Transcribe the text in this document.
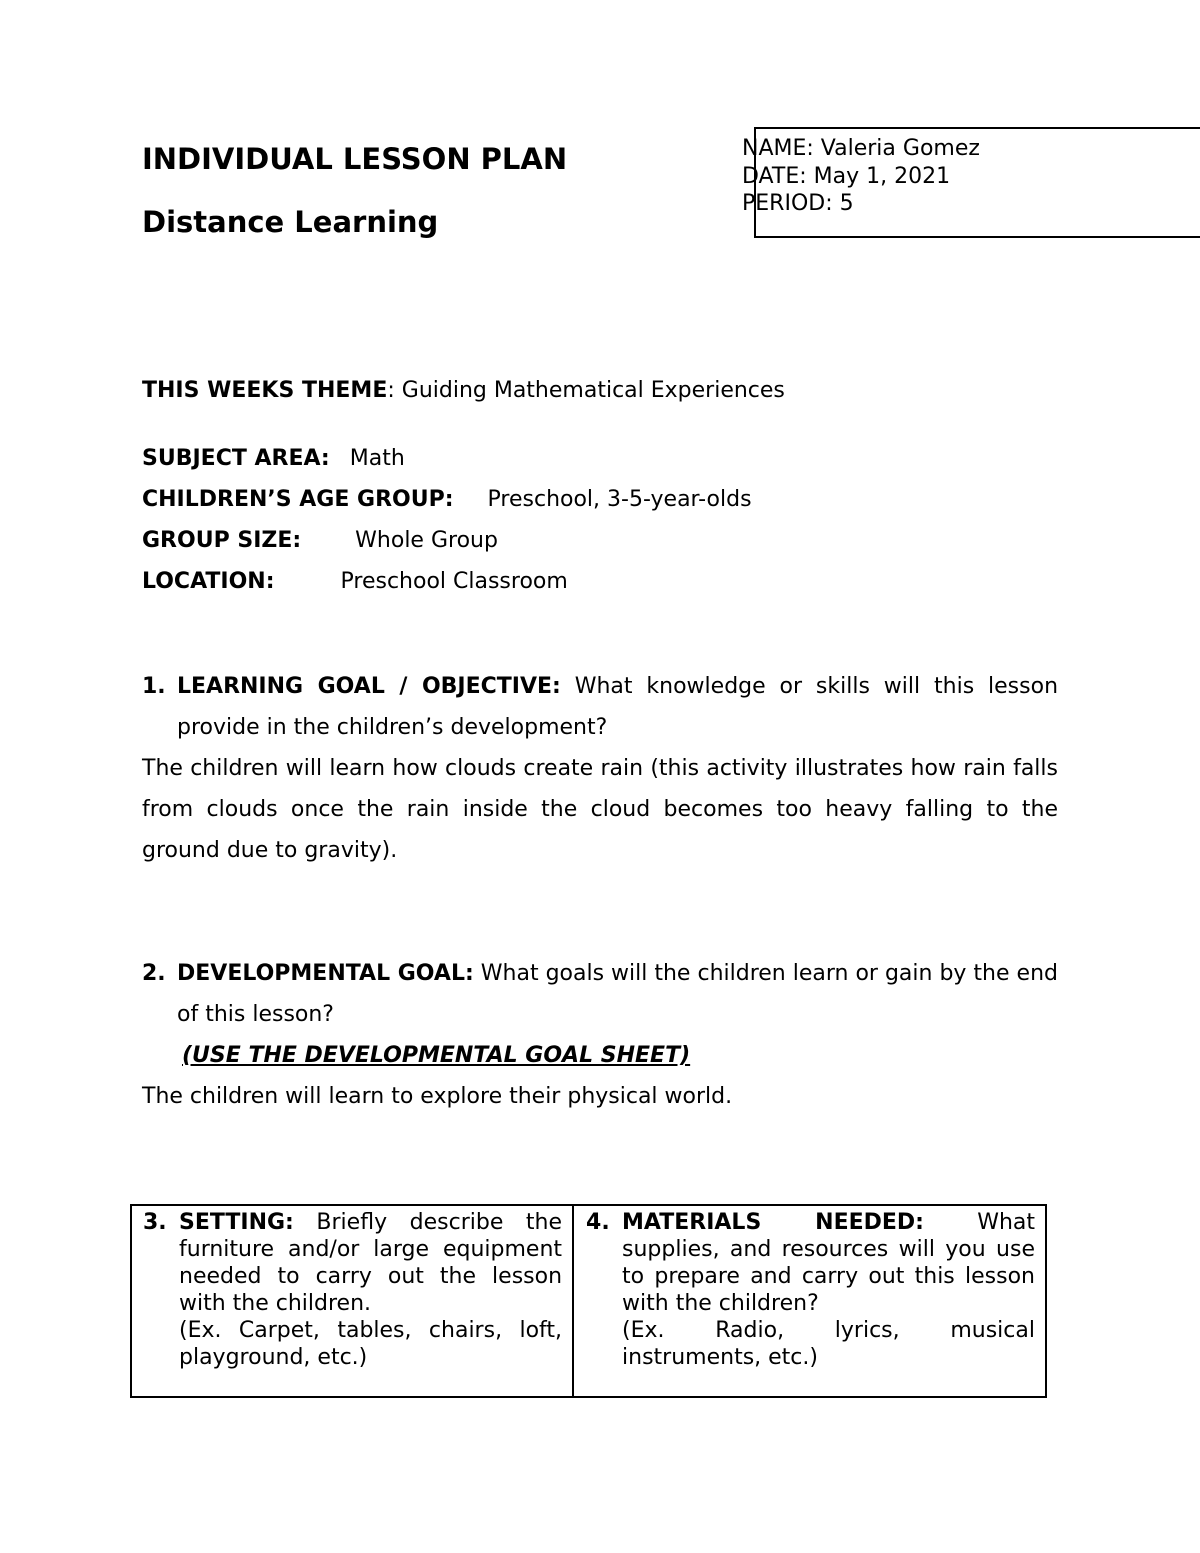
INDIVIDUAL LESSON PLAN
Distance Learning
NAME: Valeria Gomez
DATE: May 1, 2021
PERIOD: 5
THIS WEEKS THEME: Guiding Mathematical Experiences
SUBJECT AREA: Math
CHILDREN’S AGE GROUP: Preschool, 3-5-year-olds
GROUP SIZE: Whole Group
LOCATION:	Preschool Classroom
1. LEARNING GOAL / OBJECTIVE: What knowledge or skills will this lesson provide in the children’s development?
The children will learn how clouds create rain (this activity illustrates how rain falls from clouds once the rain inside the cloud becomes too heavy falling to the ground due to gravity).
2. DEVELOPMENTAL GOAL: What goals will the children learn or gain by the end of this lesson?
(USE THE DEVELOPMENTAL GOAL SHEET)
The children will learn to explore their physical world.
3. SETTING: Briefly describe the furniture and/or large equipment needed to carry out the lesson with the children.

(Ex. Carpet, tables, chairs, loft, playground, etc.)

4. MATERIALS NEEDED: What supplies, and resources will you use to prepare and carry out this lesson with the children?

(Ex. Radio, lyrics, musical instruments, etc.)
